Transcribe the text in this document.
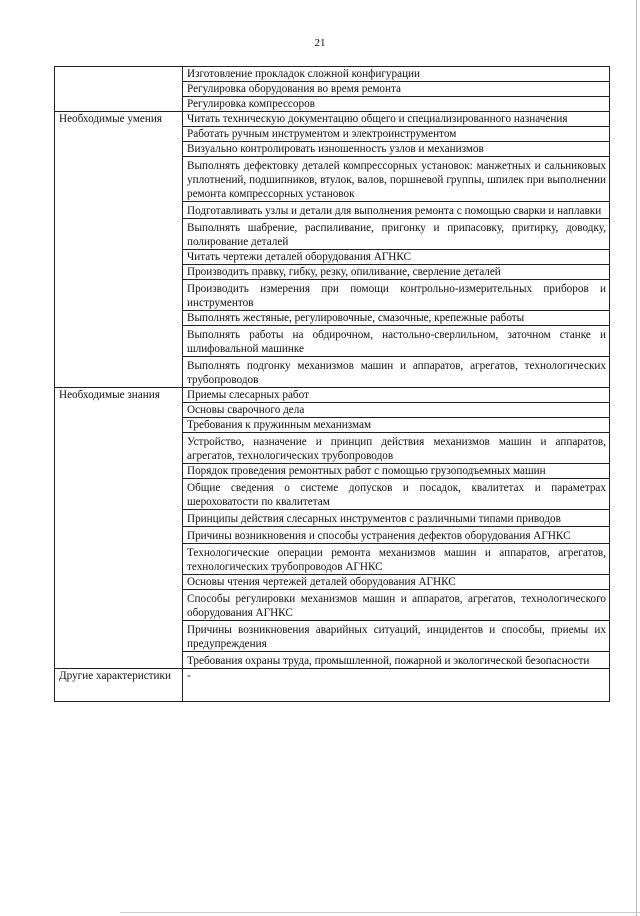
21
	Изготовление прокладок сложной конфигурации
	Регулировка оборудования во время ремонта
	Регулировка компрессоров
Необходимые умения	Читать техническую документацию общего и специализированного назначения
	Работать ручным инструментом и электроинструментом
	Визуально контролировать изношенность узлов и механизмов
	Выполнять дефектовку деталей компрессорных установок: манжетных и сальниковых уплотнений, подшипников, втулок, валов, поршневой группы, шпилек при выполнении ремонта компрессорных установок
	Подготавливать узлы и детали для выполнения ремонта с помощью сварки и наплавки
	Выполнять шабрение, распиливание, пригонку и припасовку, притирку, доводку, полирование деталей
	Читать чертежи деталей оборудования АГНКС
	Производить правку, гибку, резку, опиливание, сверление деталей
	Производить измерения при помощи контрольно-измерительных приборов и инструментов
	Выполнять жестяные, регулировочные, смазочные, крепежные работы
	Выполнять работы на обдирочном, настольно-сверлильном, заточном станке и шлифовальной машинке
	Выполнять подгонку механизмов машин и аппаратов, агрегатов, технологических трубопроводов
Необходимые знания	Приемы слесарных работ
	Основы сварочного дела
	Требования к пружинным механизмам
	Устройство, назначение и принцип действия механизмов машин и аппаратов, агрегатов, технологических трубопроводов
	Порядок проведения ремонтных работ с помощью грузоподъемных машин
	Общие сведения о системе допусков и посадок, квалитетах и параметрах шероховатости по квалитетам
	Принципы действия слесарных инструментов с различными типами приводов
	Причины возникновения и способы устранения дефектов оборудования АГНКС
	Технологические операции ремонта механизмов машин и аппаратов, агрегатов, технологических трубопроводов АГНКС
	Основы чтения чертежей деталей оборудования АГНКС
	Способы регулировки механизмов машин и аппаратов, агрегатов, технологического оборудования АГНКС
	Причины возникновения аварийных ситуаций, инцидентов и способы, приемы их предупреждения
	Требования охраны труда, промышленной, пожарной и экологической безопасности
Другие характеристики	-
